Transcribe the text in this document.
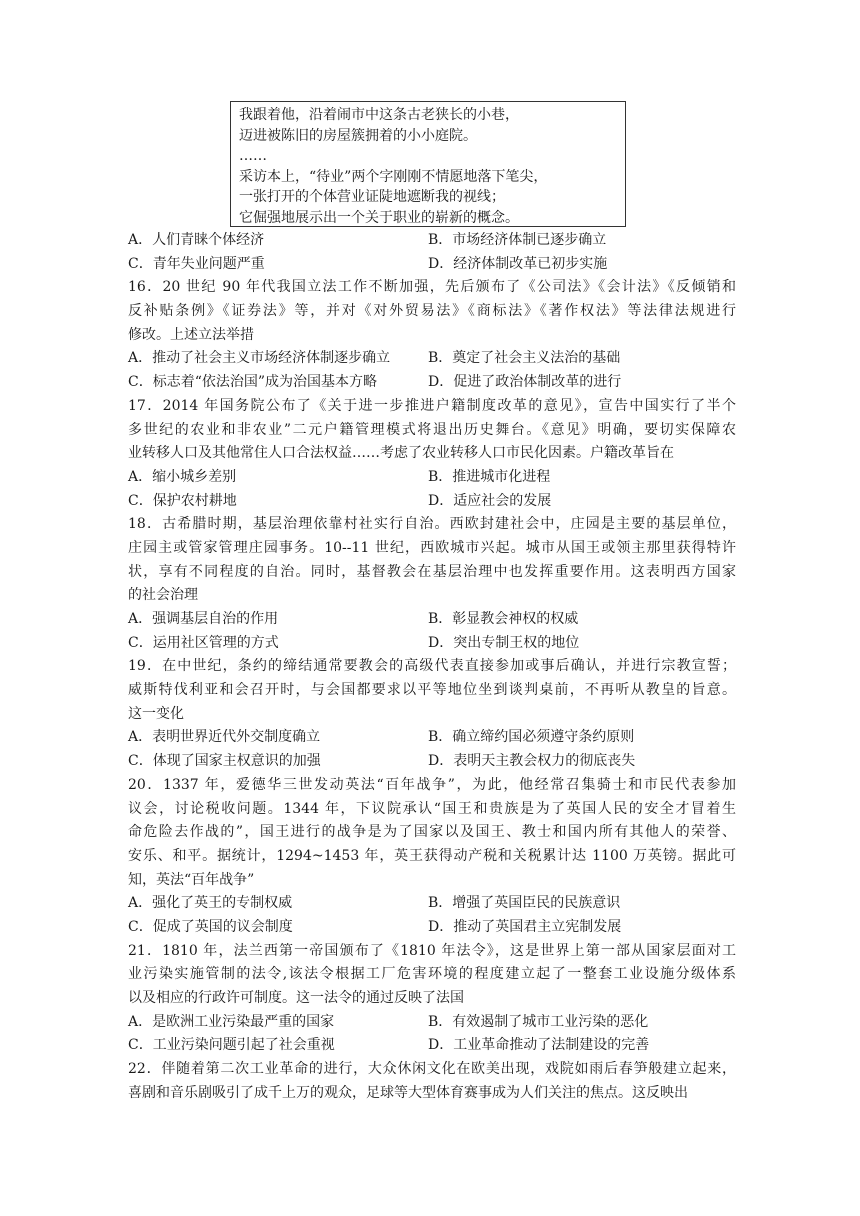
我跟着他，沿着闹市中这条古老狭长的小巷，
迈进被陈旧的房屋簇拥着的小小庭院。
……
采访本上，“待业”两个字刚刚不情愿地落下笔尖，
一张打开的个体营业证陡地遮断我的视线；
它倔强地展示出一个关于职业的崭新的概念。
A．人们青睐个体经济	B．市场经济体制已逐步确立
C．青年失业问题严重	D．经济体制改革已初步实施
16．20 世纪 90 年代我国立法工作不断加强，先后颁布了《公司法》《会计法》《反倾销和
反补贴条例》《证券法》等，并对《对外贸易法》《商标法》《著作权法》等法律法规进行
修改。上述立法举措
A．推动了社会主义市场经济体制逐步确立	B．奠定了社会主义法治的基础
C．标志着“依法治国”成为治国基本方略	D．促进了政治体制改革的进行
17．2014 年国务院公布了《关于进一步推进户籍制度改革的意见》，宣告中国实行了半个
多世纪的农业和非农业”二元户籍管理模式将退出历史舞台。《意见》明确，要切实保障农
业转移人口及其他常住人口合法权益……考虑了农业转移人口市民化因素。户籍改革旨在
A．缩小城乡差别	B．推进城市化进程
C．保护农村耕地	D．适应社会的发展
18．古希腊时期，基层治理依靠村社实行自治。西欧封建社会中，庄园是主要的基层单位，
庄园主或管家管理庄园事务。10--11 世纪，西欧城市兴起。城市从国王或领主那里获得特许
状，享有不同程度的自治。同时，基督教会在基层治理中也发挥重要作用。这表明西方国家
的社会治理
A．强调基层自治的作用	B．彰显教会神权的权威
C．运用社区管理的方式	D．突出专制王权的地位
19．在中世纪，条约的缔结通常要教会的高级代表直接参加或事后确认，并进行宗教宣誓；
威斯特伐利亚和会召开时，与会国都要求以平等地位坐到谈判桌前，不再听从教皇的旨意。
这一变化
A．表明世界近代外交制度确立	B．确立缔约国必须遵守条约原则
C．体现了国家主权意识的加强	D．表明天主教会权力的彻底丧失
20．1337 年，爱德华三世发动英法“百年战争”，为此，他经常召集骑士和市民代表参加
议会，讨论税收问题。1344 年，下议院承认“国王和贵族是为了英国人民的安全才冒着生
命危险去作战的”，国王进行的战争是为了国家以及国王、教士和国内所有其他人的荣誉、
安乐、和平。据统计，1294~1453 年，英王获得动产税和关税累计达 1100 万英镑。据此可
知，英法“百年战争”
A．强化了英王的专制权威	B．增强了英国臣民的民族意识
C．促成了英国的议会制度	D．推动了英国君主立宪制发展
21．1810 年，法兰西第一帝国颁布了《1810 年法令》，这是世界上第一部从国家层面对工
业污染实施管制的法令,该法令根据工厂危害环境的程度建立起了一整套工业设施分级体系
以及相应的行政许可制度。这一法令的通过反映了法国
A．是欧洲工业污染最严重的国家	B．有效遏制了城市工业污染的恶化
C．工业污染问题引起了社会重视	D．工业革命推动了法制建设的完善
22．伴随着第二次工业革命的进行，大众休闲文化在欧美出现，戏院如雨后春笋般建立起来，
喜剧和音乐剧吸引了成千上万的观众，足球等大型体育赛事成为人们关注的焦点。这反映出
